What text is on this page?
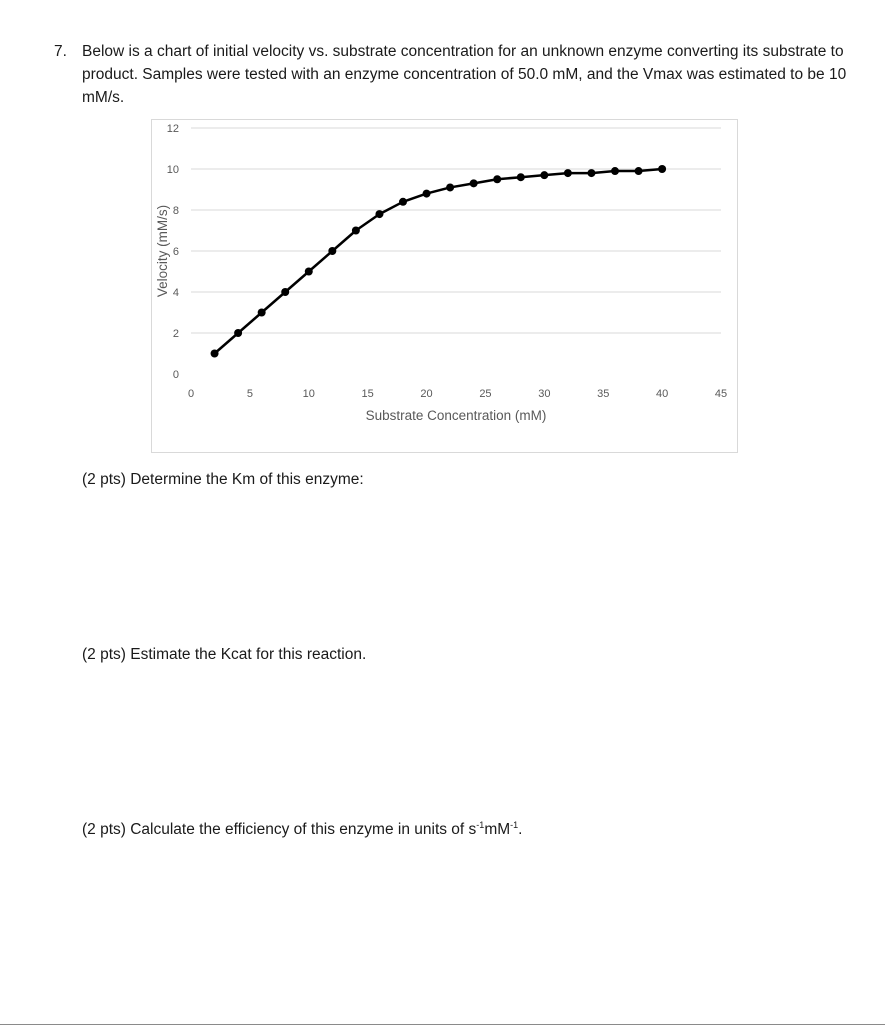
7. Below is a chart of initial velocity vs. substrate concentration for an unknown enzyme converting its substrate to product. Samples were tested with an enzyme concentration of 50.0 mM, and the Vmax was estimated to be 10 mM/s.
0
2
4
6
8
10
12
0	5	10	15	20	25	30	35	40	45
Substrate Concentration (mM)
Velocity (mM/s)
(2 pts) Determine the Km of this enzyme:
(2 pts) Estimate the Kcat for this reaction.
(2 pts) Calculate the efficiency of this enzyme in units of $s^{-1}mM^{-1}$.
